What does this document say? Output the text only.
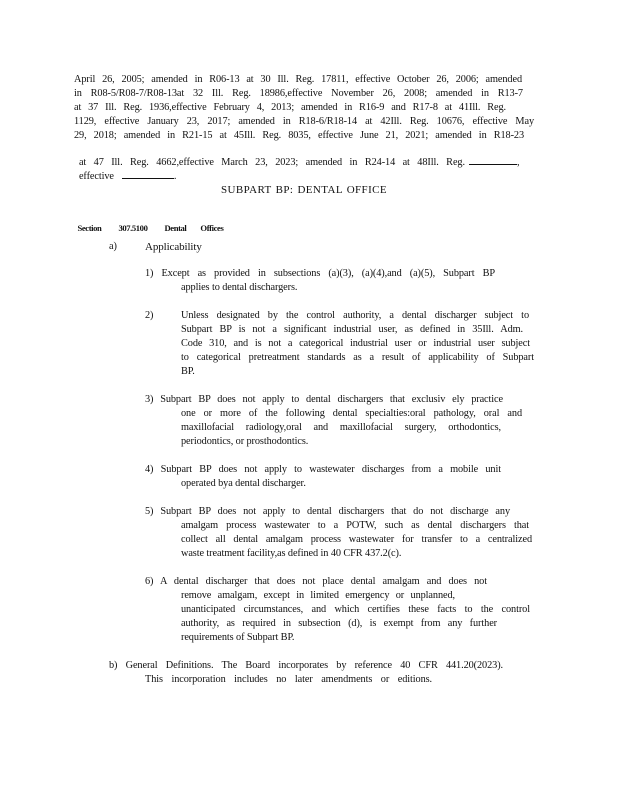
April 26, 2005; amended in R06-13 at 30 Ill. Reg. 17811, effective October 26, 2006; amended
in R08-5/R08-7/R08-13at 32 Ill. Reg. 18986,effective November 26, 2008; amended in R13-7
at 37 Ill. Reg. 1936,effective February 4, 2013; amended in R16-9 and R17-8 at 41Ill. Reg.
1129, effective January 23, 2017; amended in R18-6/R18-14 at 42Ill. Reg. 10676, effective May
29, 2018; amended in R21-15 at 45Ill. Reg. 8035, effective June 21, 2021; amended in R18-23

at 47 Ill. Reg. 4662,effective March 23, 2023; amended in R24-14 at 48Ill. Reg.	,

effective	.

SUBPART BP: DENTAL OFFICE

Section 307.5100 Dental Offices

a)	Applicability
1) Except as provided in subsections (a)(3), (a)(4),and (a)(5), Subpart BP
applies to dental dischargers.
2)	Unless designated by the control authority, a dental discharger subject to
Subpart BP is not a significant industrial user, as defined in 35Ill. Adm.
Code 310, and is not a categorical industrial user or industrial user subject
to categorical pretreatment standards as a result of applicability of Subpart
BP.
3) Subpart BP does not apply to dental dischargers that exclusiv ely practice
one or more of the following dental specialties:oral pathology, oral and
maxillofacial radiology,oral and maxillofacial surgery, orthodontics,
periodontics, or prosthodontics.
4) Subpart BP does not apply to wastewater discharges from a mobile unit
operated bya dental discharger.
5) Subpart BP does not apply to dental dischargers that do not discharge any
amalgam process wastewater to a POTW, such as dental dischargers that
collect all dental amalgam process wastewater for transfer to a centralized
waste treatment facility,as defined in 40 CFR 437.2(c).
6) A dental discharger that does not place dental amalgam and does not
remove amalgam, except in limited emergency or unplanned,
unanticipated circumstances, and which certifies these facts to the control
authority, as required in subsection (d), is exempt from any further
requirements of Subpart BP.
b) General Definitions. The Board incorporates by reference 40 CFR 441.20(2023).
This incorporation includes no later amendments or editions.
